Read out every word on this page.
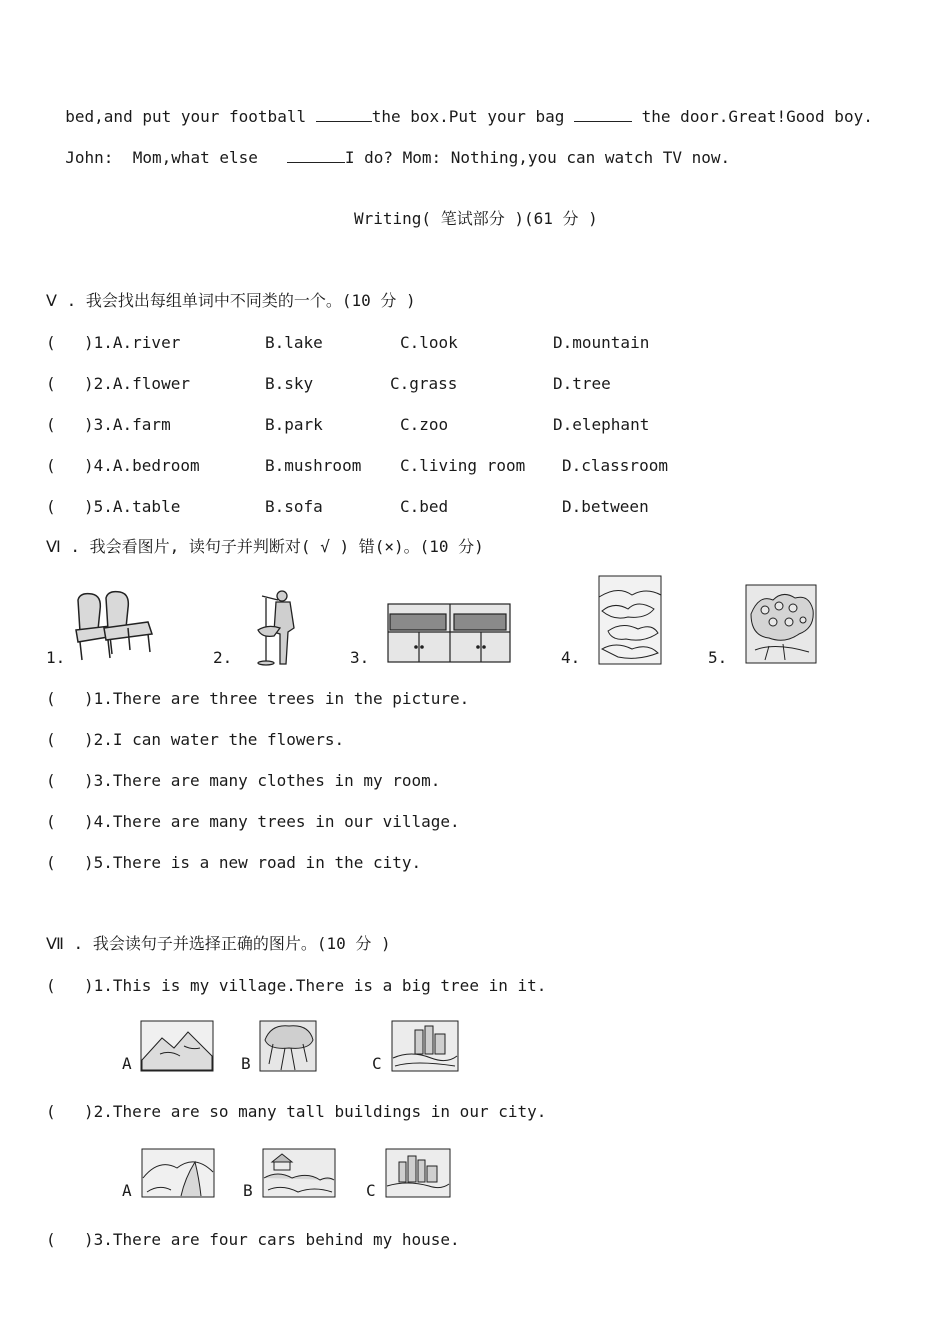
bed,and put your football	the box.Put your bag	the door.Great!Good boy.

John:  Mom,what else	I do? Mom: Nothing,you can watch TV now.

Writing( 笔试部分 )(61 分 )
Ⅴ . 我会找出每组单词中不同类的一个。(10 分 )
( )1.A.river	B.lake	C.look	D.mountain
( )2.A.flower	B.sky	C.grass	D.tree
( )3.A.farm	B.park	C.zoo	D.elephant
( )4.A.bedroom	B.mushroom C.living room D.classroom
( )5.A.table	B.sofa	C.bed	D.between
Ⅵ . 我会看图片, 读句子并判断对( √ ) 错(×)。(10 分)
1.	2.	3.	4.	5.
( )1.There are three trees in the picture.
( )2.I can water the flowers.
( )3.There are many clothes in my room.
( )4.There are many trees in our village.
( )5.There is a new road in the city.
Ⅶ . 我会读句子并选择正确的图片。(10 分 )
( )1.This is my village.There is a big tree in it.
A	B	C
( )2.There are so many tall buildings in our city.
A	B	C
( )3.There are four cars behind my house.
